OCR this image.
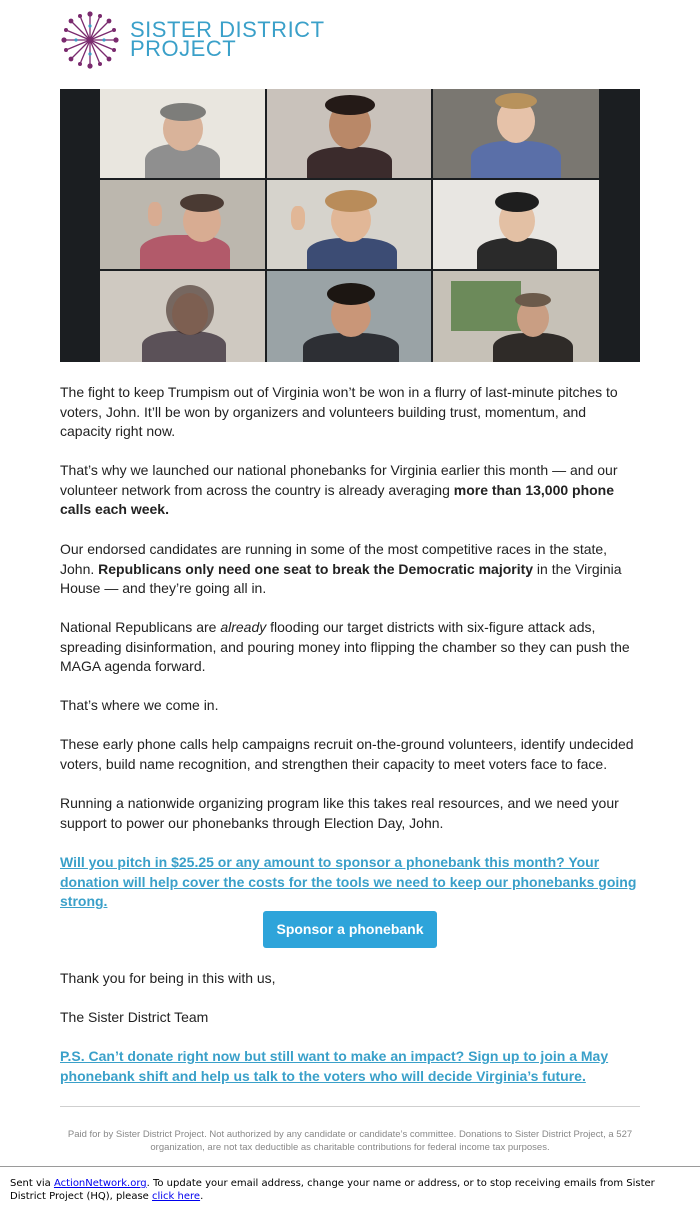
SISTER DISTRICT
PROJECT

The fight to keep Trumpism out of Virginia won’t be won in a flurry of last-minute pitches to voters, John. It’ll be won by organizers and volunteers building trust, momentum, and capacity right now.

That’s why we launched our national phonebanks for Virginia earlier this month — and our volunteer network from across the country is already averaging more than 13,000 phone calls each week.

Our endorsed candidates are running in some of the most competitive races in the state, John. Republicans only need one seat to break the Democratic majority in the Virginia House — and they’re going all in.

National Republicans are already flooding our target districts with six-figure attack ads, spreading disinformation, and pouring money into flipping the chamber so they can push the MAGA agenda forward.

That’s where we come in.

These early phone calls help campaigns recruit on-the-ground volunteers, identify undecided voters, build name recognition, and strengthen their capacity to meet voters face to face.

Running a nationwide organizing program like this takes real resources, and we need your support to power our phonebanks through Election Day, John.

Will you pitch in $25.25 or any amount to sponsor a phonebank this month? Your donation will help cover the costs for the tools we need to keep our phonebanks going strong.

Thank you for being in this with us,

The Sister District Team

P.S. Can’t donate right now but still want to make an impact? Sign up to join a May phonebank shift and help us talk to the voters who will decide Virginia’s future.

Sponsor a phonebank
Paid for by Sister District Project. Not authorized by any candidate or candidate’s committee. Donations to Sister District Project, a 527 organization, are not tax deductible as charitable contributions for federal income tax purposes.
Sent via ActionNetwork.org. To update your email address, change your name or address, or to stop receiving emails from Sister District Project (HQ), please click here.
